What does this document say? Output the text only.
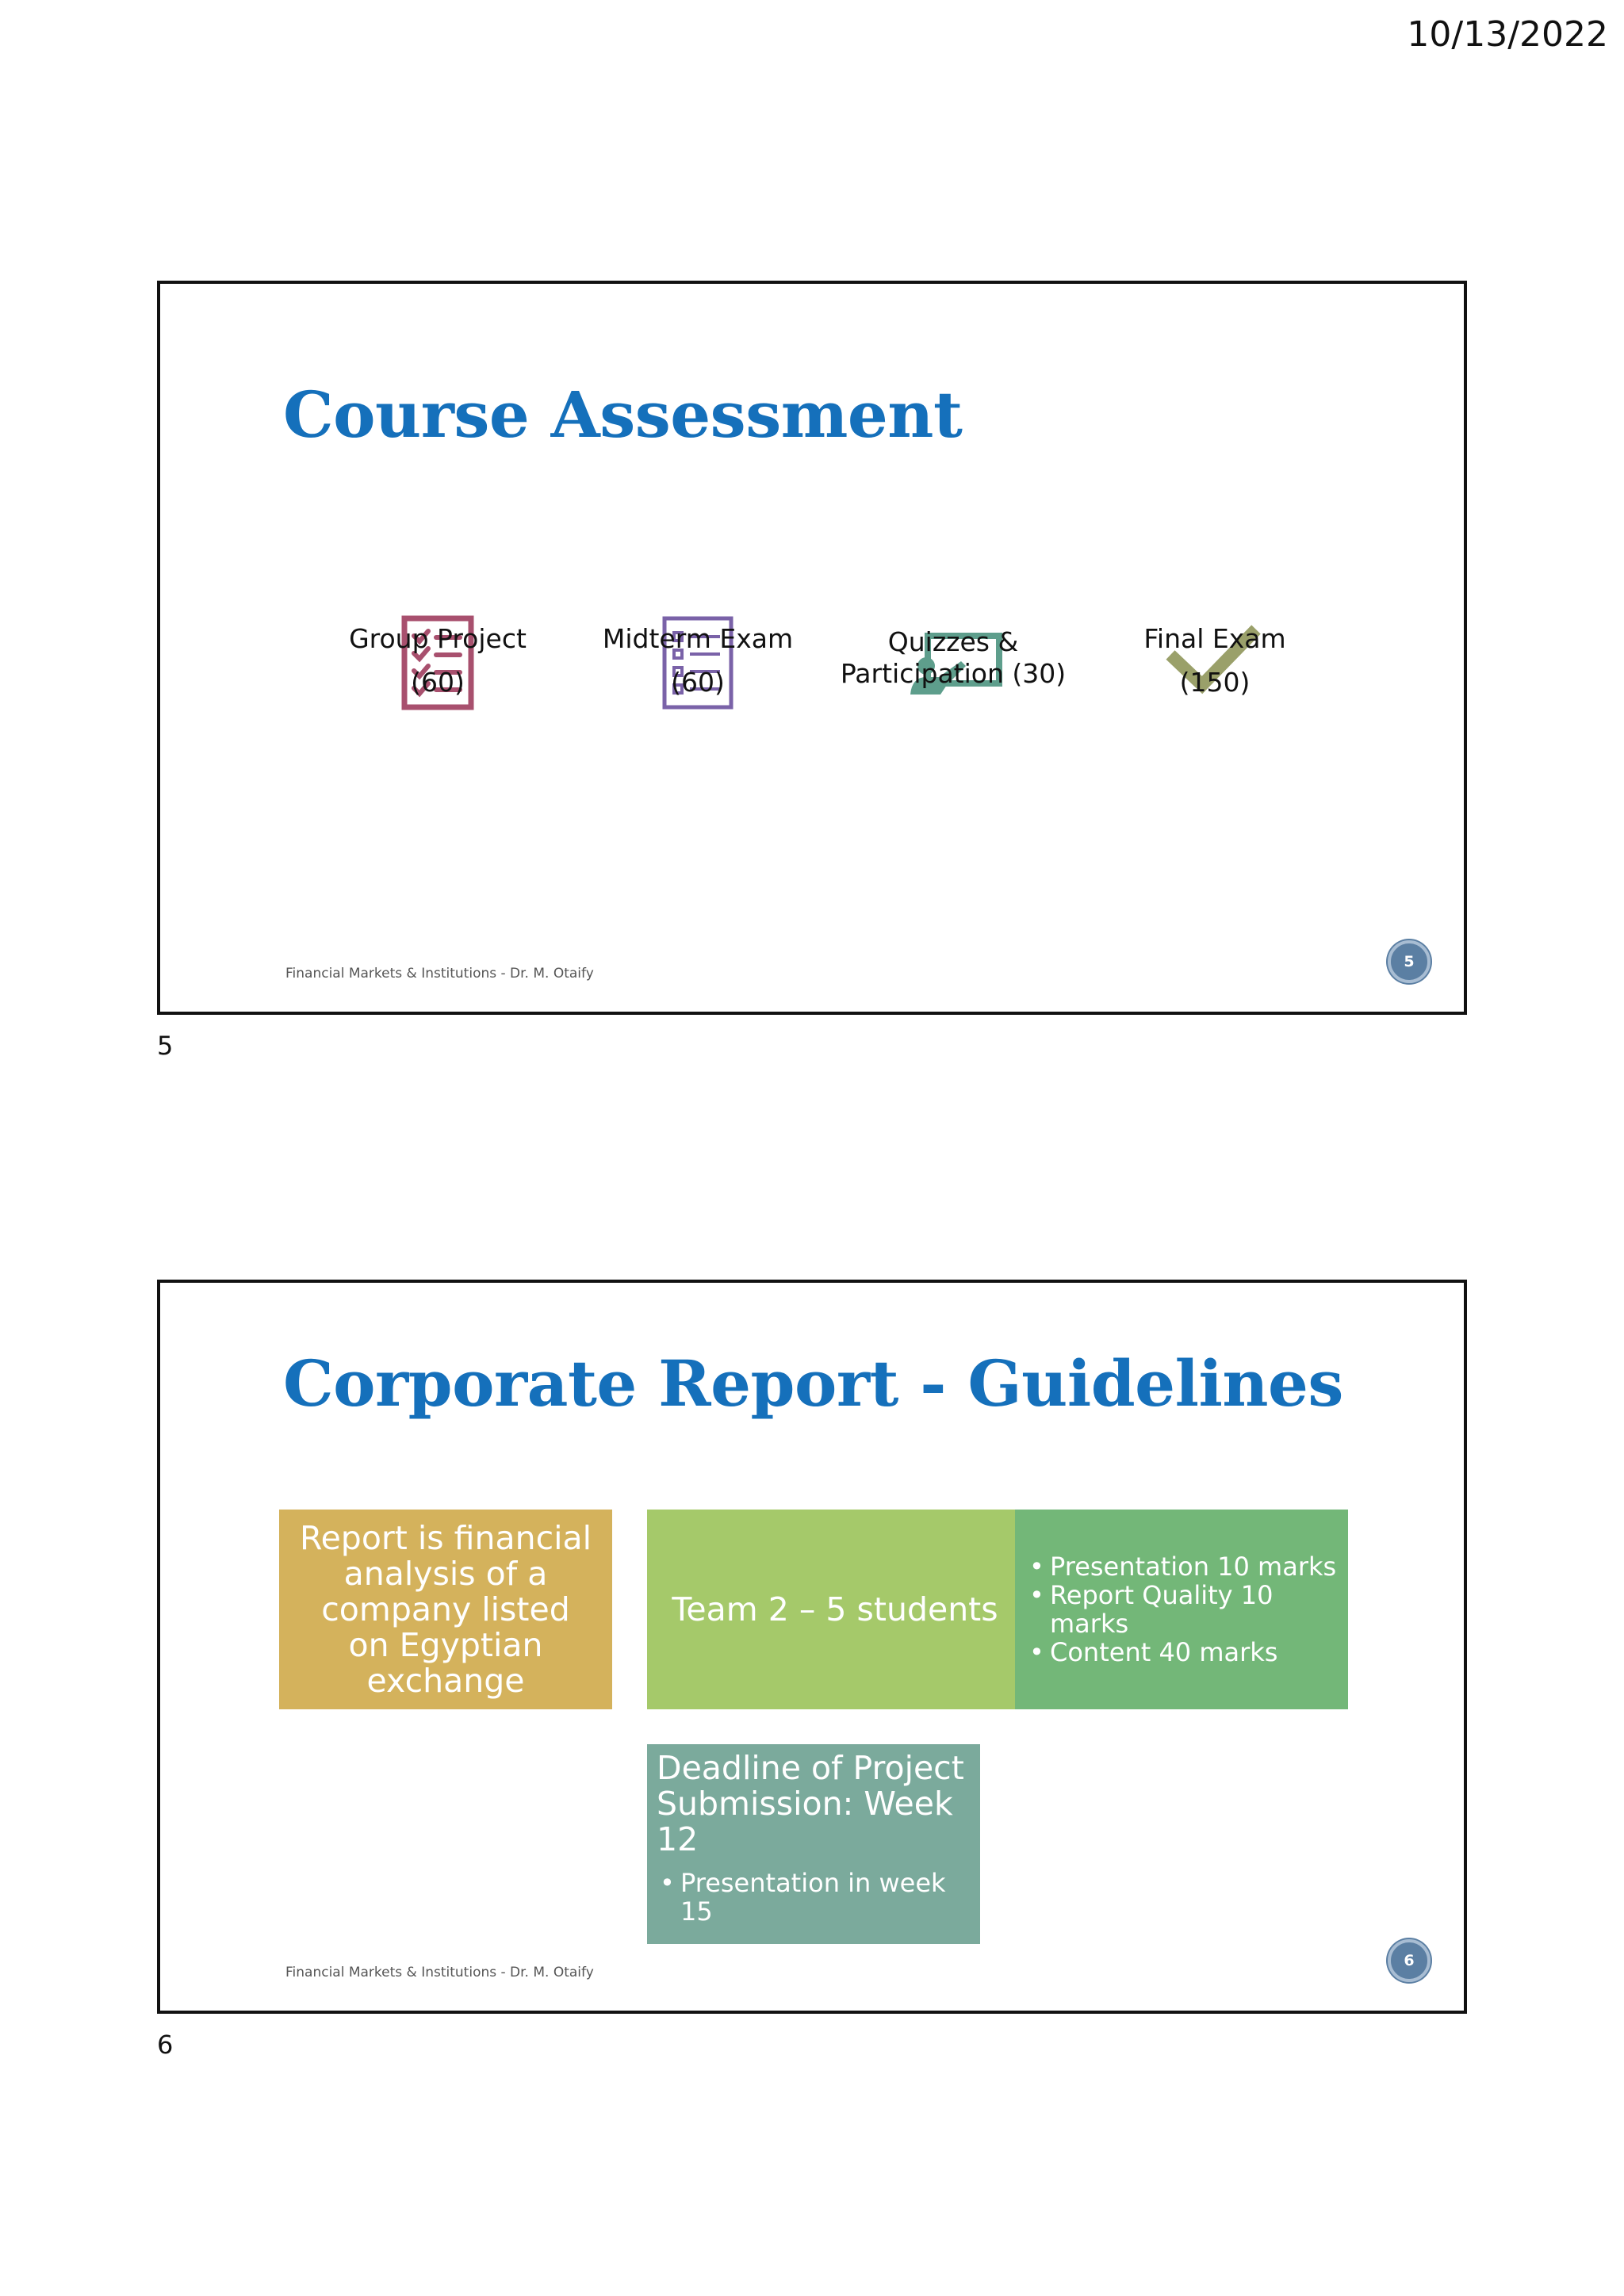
10/13/2022
Course Assessment
Group Project
(60)
Midterm Exam
(60)
Quizzes &
Participation (30)
Final Exam
(150)
Financial Markets & Institutions - Dr. M. Otaify
5
5
Corporate Report - Guidelines
Report is financial analysis of a company listed on Egyptian exchange
Team 2 – 5 students
• Presentation 10 marks
• Report Quality 10 marks
• Content 40 marks
Deadline of Project Submission: Week 12
• Presentation in week 15
Financial Markets & Institutions - Dr. M. Otaify
6
6
